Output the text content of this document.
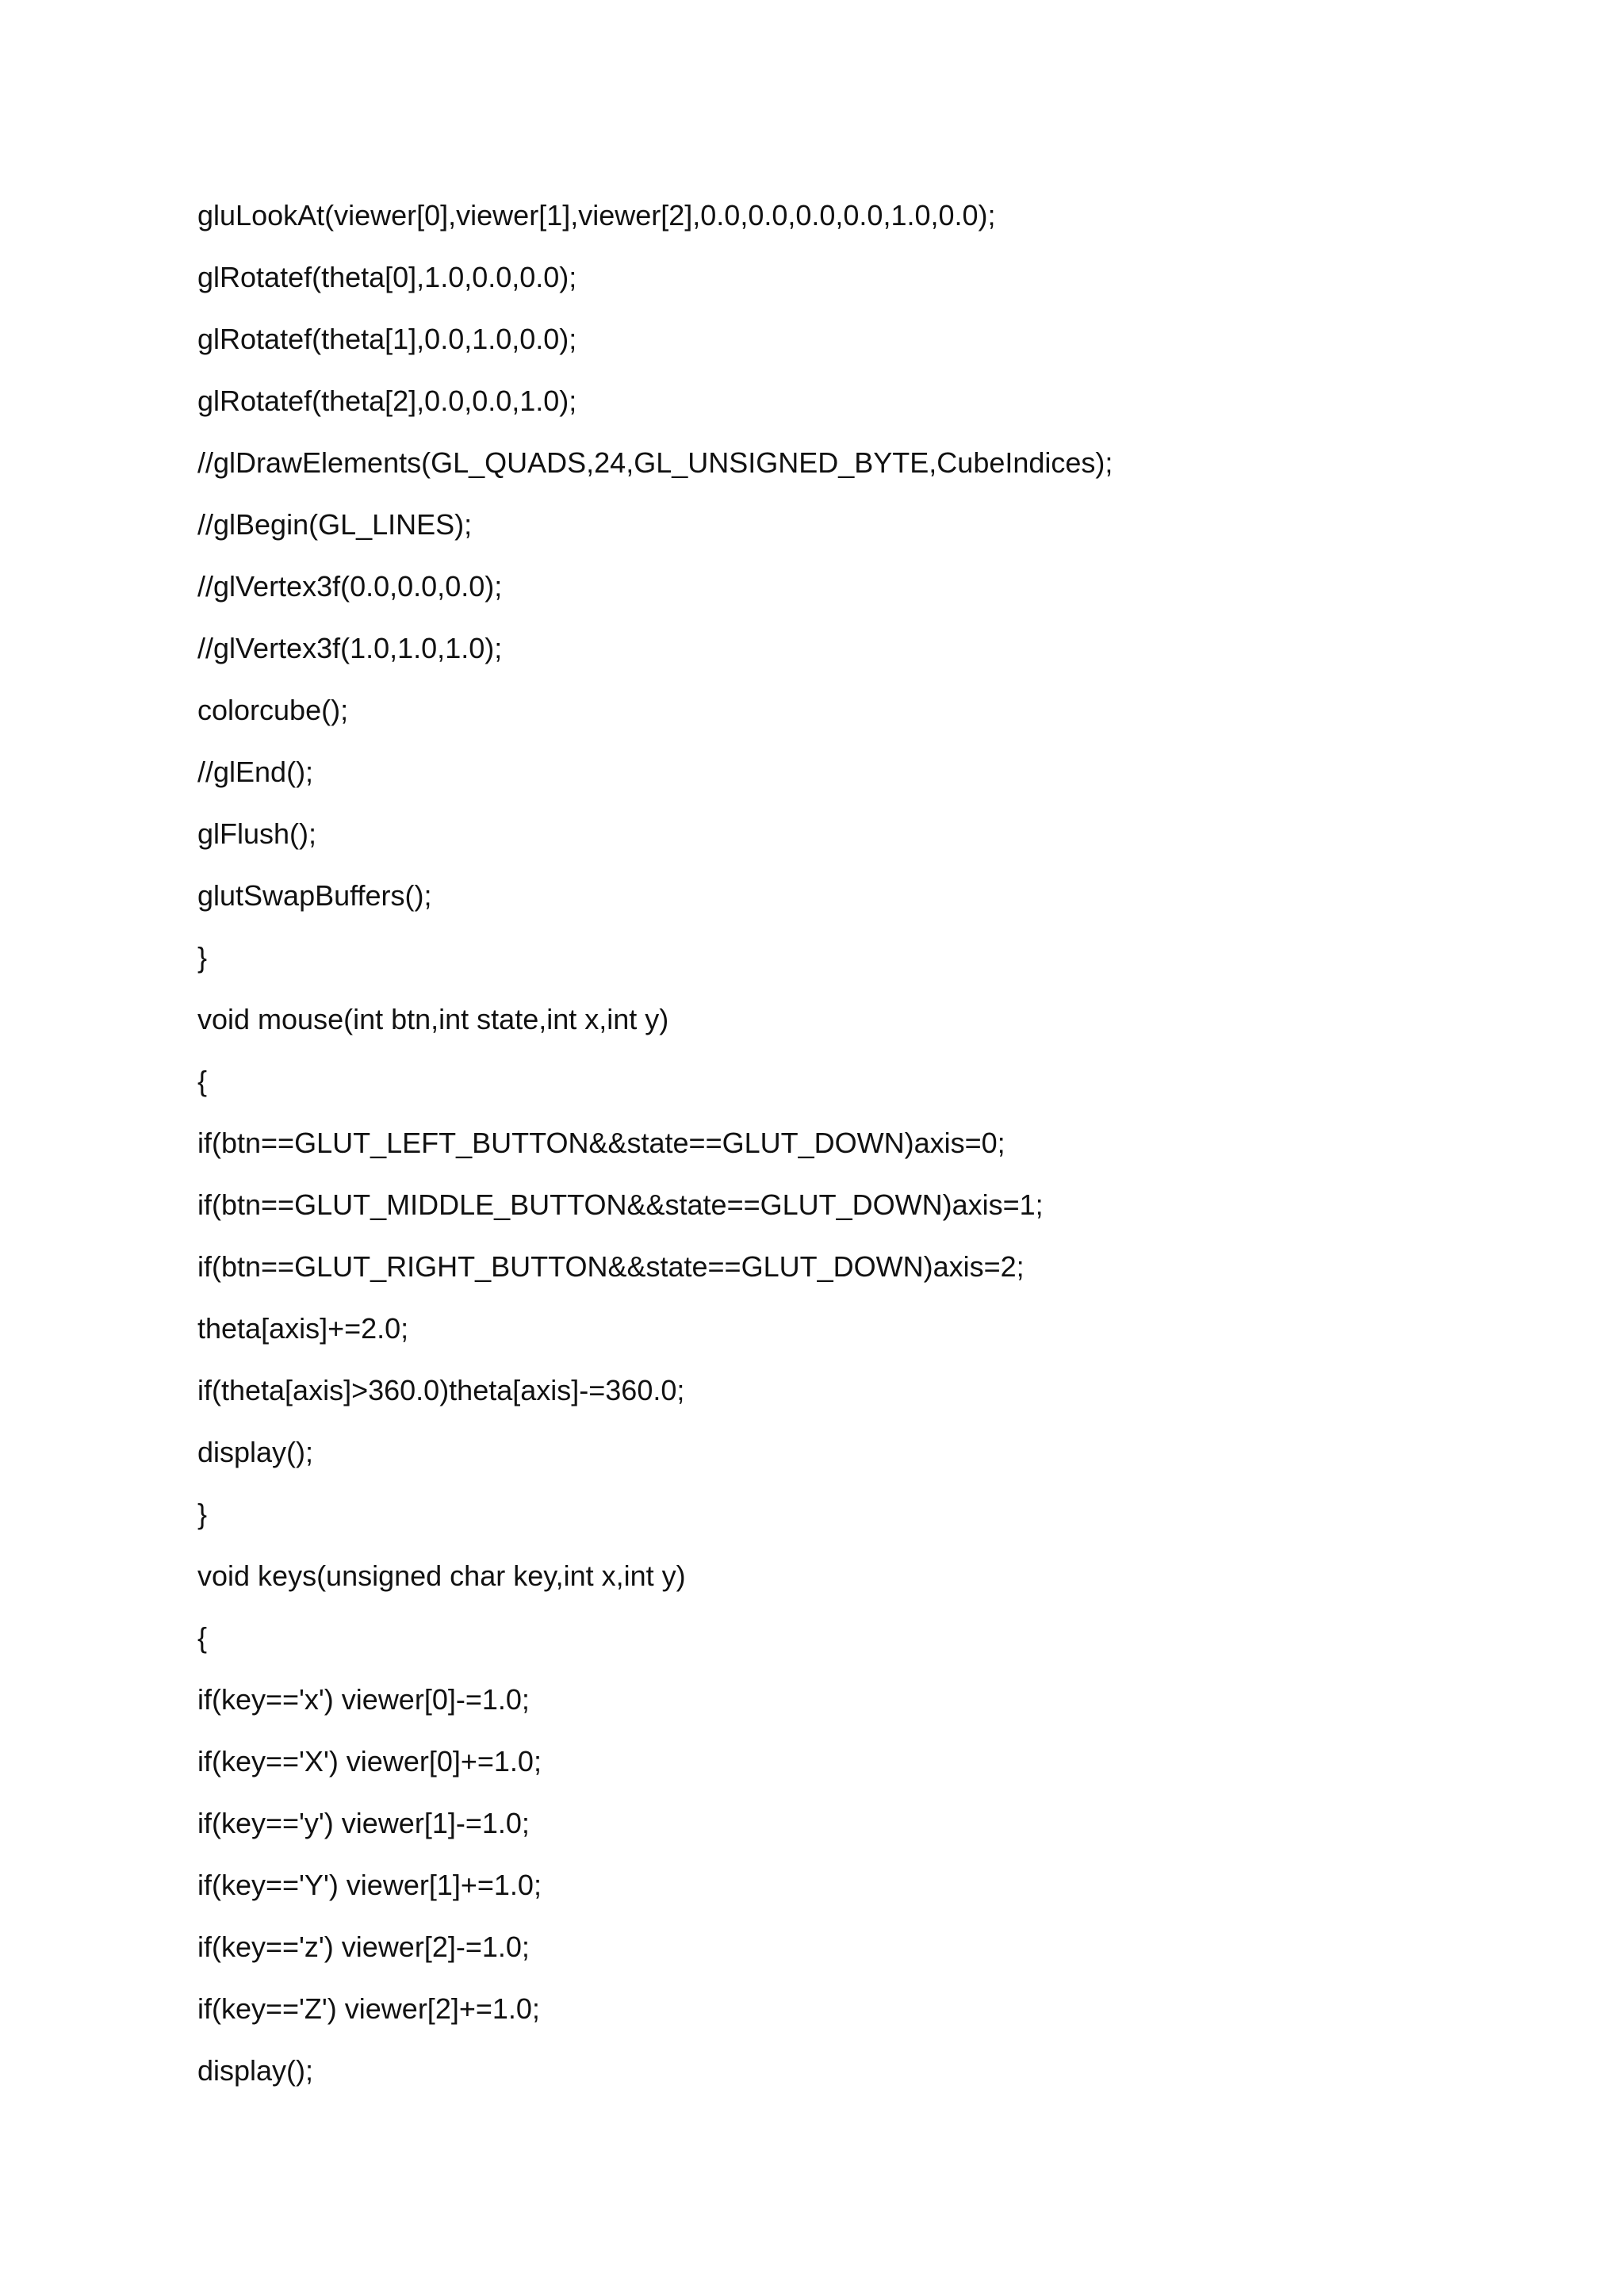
gluLookAt(viewer[0],viewer[1],viewer[2],0.0,0.0,0.0,0.0,1.0,0.0);
glRotatef(theta[0],1.0,0.0,0.0);
glRotatef(theta[1],0.0,1.0,0.0);
glRotatef(theta[2],0.0,0.0,1.0);
//glDrawElements(GL_QUADS,24,GL_UNSIGNED_BYTE,CubeIndices);
//glBegin(GL_LINES);
//glVertex3f(0.0,0.0,0.0);
//glVertex3f(1.0,1.0,1.0);
colorcube();
//glEnd();
glFlush();
glutSwapBuffers();
}
void mouse(int btn,int state,int x,int y)
{
if(btn==GLUT_LEFT_BUTTON&&state==GLUT_DOWN)axis=0;
if(btn==GLUT_MIDDLE_BUTTON&&state==GLUT_DOWN)axis=1;
if(btn==GLUT_RIGHT_BUTTON&&state==GLUT_DOWN)axis=2;
theta[axis]+=2.0;
if(theta[axis]>360.0)theta[axis]-=360.0;
display();
}
void keys(unsigned char key,int x,int y)
{
if(key=='x') viewer[0]-=1.0;
if(key=='X') viewer[0]+=1.0;
if(key=='y') viewer[1]-=1.0;
if(key=='Y') viewer[1]+=1.0;
if(key=='z') viewer[2]-=1.0;
if(key=='Z') viewer[2]+=1.0;
display();
